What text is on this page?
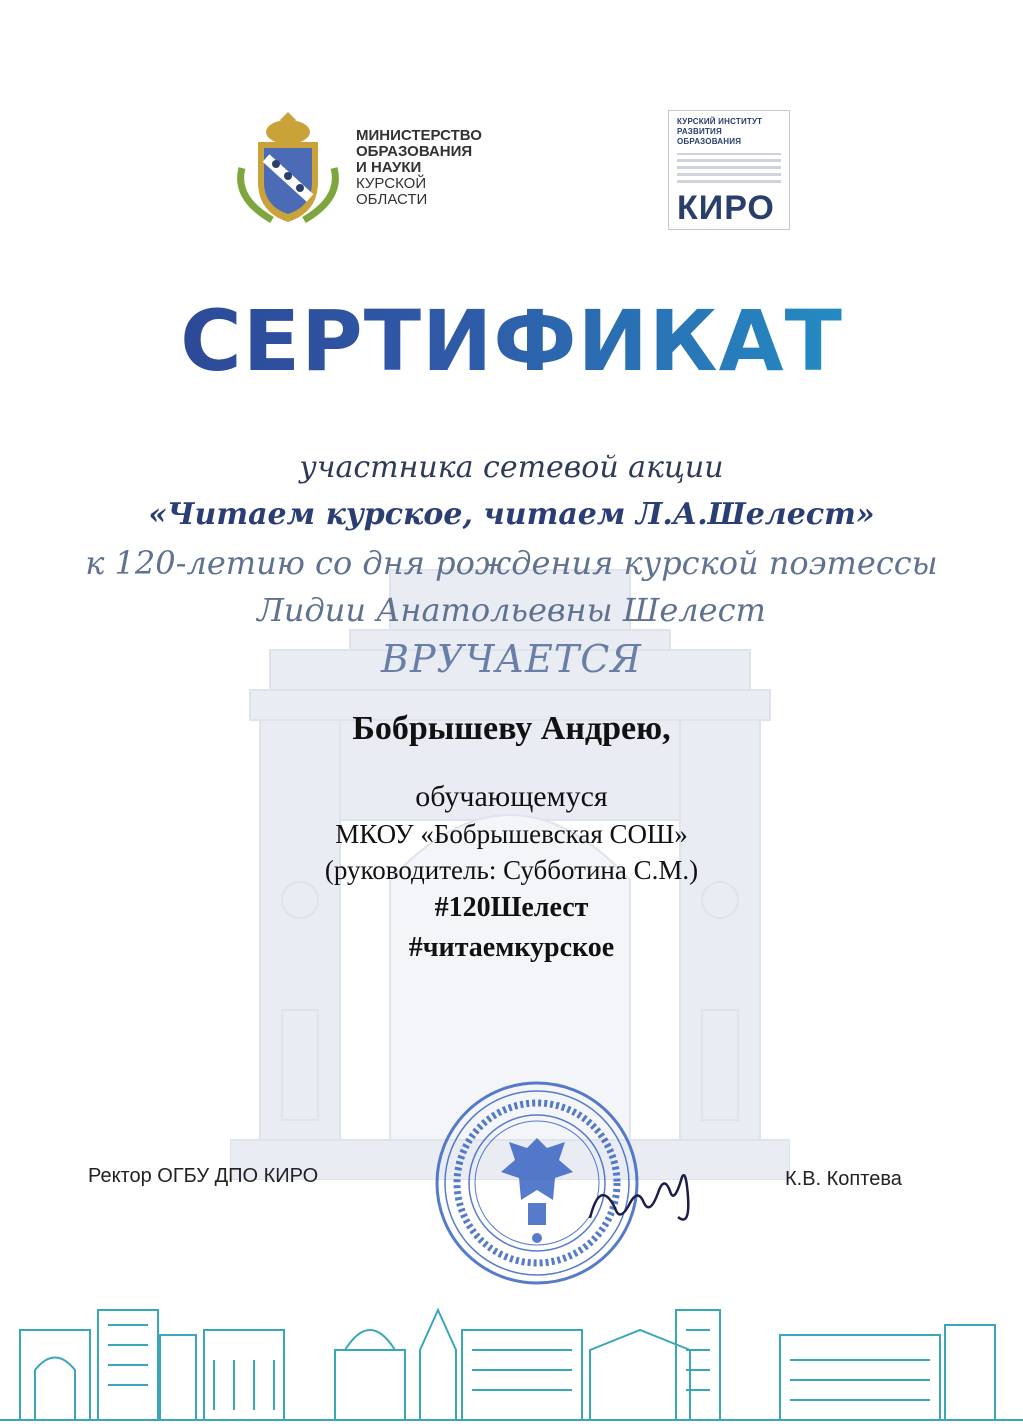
МИНИСТЕРСТВО
ОБРАЗОВАНИЯ
И НАУКИ
КУРСКОЙ
ОБЛАСТИ
КУРСКИЙ ИНСТИТУТ
РАЗВИТИЯ ОБРАЗОВАНИЯ
КИРО
СЕРТИФИКАТ
участника сетевой акции
«Читаем курское, читаем Л.А.Шелест»
к 120-летию со дня рождения курской поэтессы
Лидии Анатольевны Шелест
ВРУЧАЕТСЯ
Бобрышеву Андрею,
обучающемуся
МКОУ «Бобрышевская СОШ»
(руководитель: Субботина С.М.)
#120Шелест
#читаемкурское
Ректор ОГБУ ДПО КИРО	К.В. Коптева
